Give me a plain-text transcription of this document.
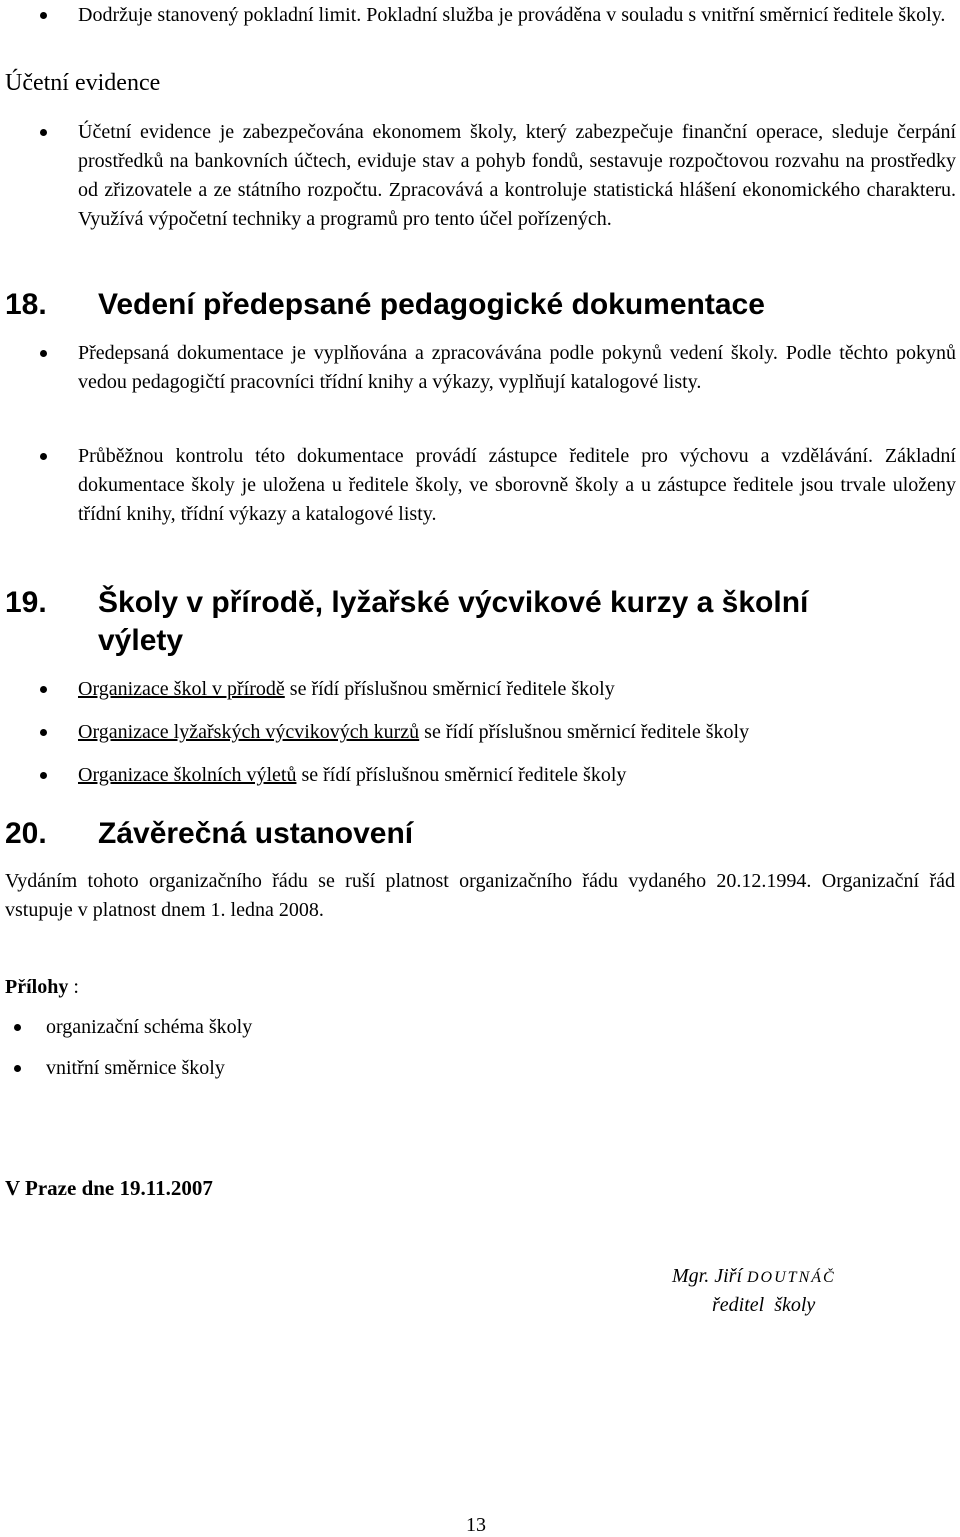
Dodržuje stanovený pokladní limit. Pokladní služba je prováděna v souladu s vnitřní směrnicí ředitele školy.
Účetní evidence
Účetní evidence je zabezpečována ekonomem školy, který zabezpečuje finanční operace, sleduje čerpání prostředků na bankovních účtech, eviduje stav a pohyb fondů, sestavuje rozpočtovou rozvahu na prostředky od zřizovatele a ze státního rozpočtu. Zpracovává a kontroluje statistická hlášení ekonomického charakteru. Využívá výpočetní techniky a programů pro tento účel pořízených.
18. Vedení předepsané pedagogické dokumentace
Předepsaná dokumentace je vyplňována a zpracovávána podle pokynů vedení školy. Podle těchto pokynů vedou pedagogičtí pracovníci třídní knihy a výkazy, vyplňují katalogové listy.
Průběžnou kontrolu této dokumentace provádí zástupce ředitele pro výchovu a vzdělávání. Základní dokumentace školy je uložena u ředitele školy, ve sborovně školy a u zástupce ředitele jsou trvale uloženy třídní knihy, třídní výkazy a katalogové listy.
19. Školy v přírodě, lyžařské výcvikové kurzy a školní výlety
Organizace škol v přírodě se řídí příslušnou směrnicí ředitele školy
Organizace lyžařských výcvikových kurzů se řídí příslušnou směrnicí ředitele školy
Organizace školních výletů se řídí příslušnou směrnicí ředitele školy
20. Závěrečná ustanovení
Vydáním tohoto organizačního řádu se ruší platnost organizačního řádu vydaného 20.12.1994. Organizační řád vstupuje v platnost dnem 1. ledna 2008.
Přílohy :
organizační schéma školy
vnitřní směrnice školy
V Praze dne 19.11.2007
Mgr. Jiří DOUTNÁČ
ředitel  školy
13
